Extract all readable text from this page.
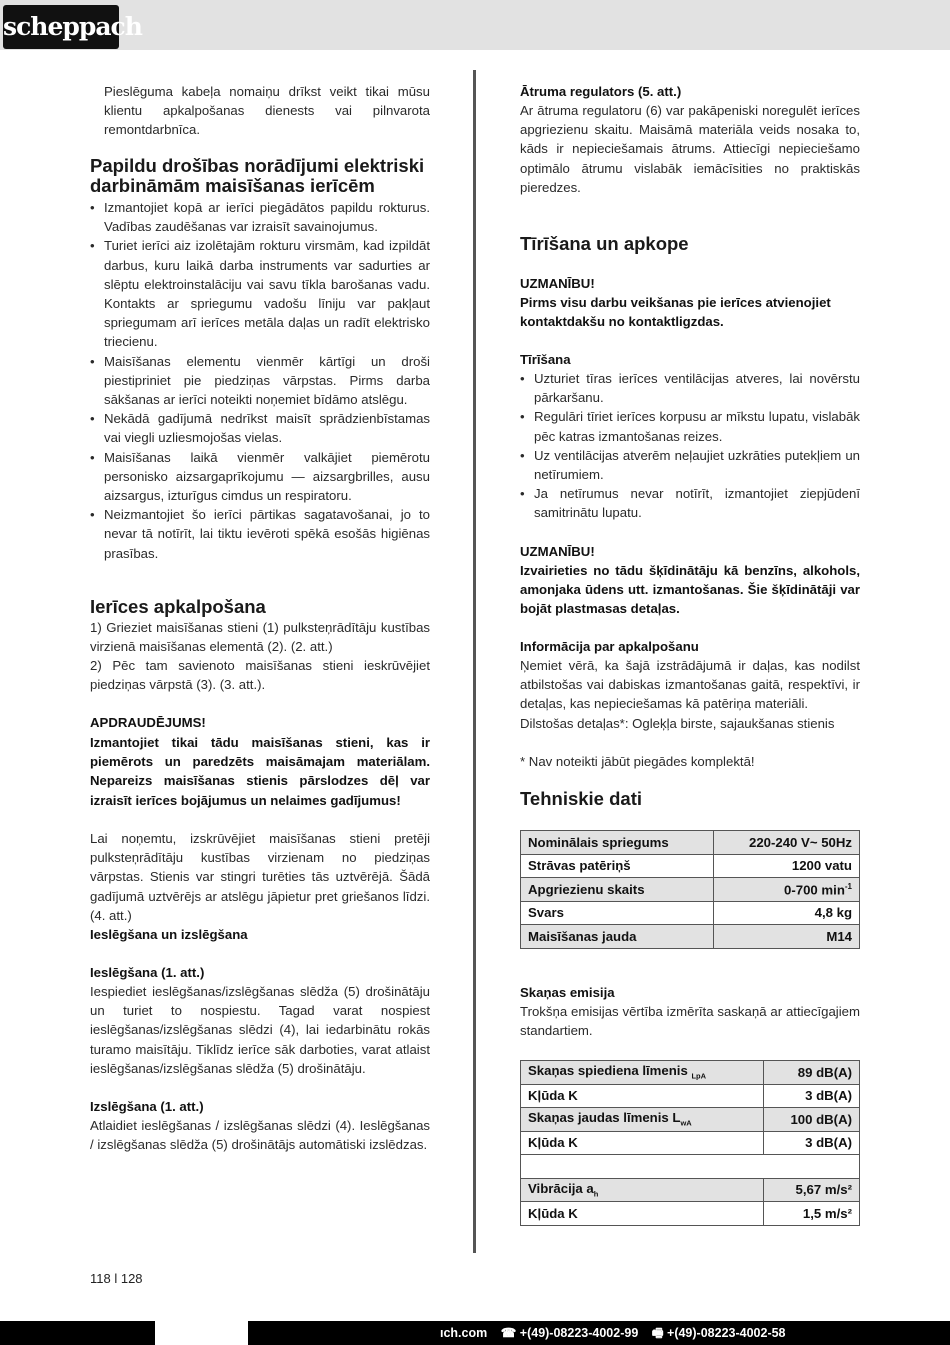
scheppach
Pieslēguma kabeļa nomaiņu drīkst veikt tikai mūsu klientu apkalpošanas dienests vai pilnvarota remontdarbnīca.
Papildu drošības norādījumi elektriski
darbināmām maisīšanas ierīcēm
• Izmantojiet kopā ar ierīci piegādātos papildu rokturus. Vadības zaudēšanas var izraisīt savainojumus.
• Turiet ierīci aiz izolētajām rokturu virsmām, kad izpildāt darbus, kuru laikā darba instruments var sadurties ar slēptu elektroinstalāciju vai savu tīkla barošanas vadu. Kontakts ar spriegumu vadošu līniju var pakļaut spriegumam arī ierīces metāla daļas un radīt elektrisko triecienu.
• Maisīšanas elementu vienmēr kārtīgi un droši piestipriniet pie piedziņas vārpstas. Pirms darba sākšanas ar ierīci noteikti noņemiet bīdāmo atslēgu.
• Nekādā gadījumā nedrīkst maisīt sprādzienbīstamas vai viegli uzliesmojošas vielas.
• Maisīšanas laikā vienmēr valkājiet piemērotu personisko aizsargaprīkojumu — aizsargbrilles, ausu aizsargus, izturīgus cimdus un respiratoru.
• Neizmantojiet šo ierīci pārtikas sagatavošanai, jo to nevar tā notīrīt, lai tiktu ievēroti spēkā esošās higiēnas prasības.
Ierīces apkalpošana
1) Grieziet maisīšanas stieni (1) pulksteņrādītāju kustības virzienā maisīšanas elementā (2). (2. att.)
2) Pēc tam savienoto maisīšanas stieni ieskrūvējiet piedziņas vārpstā (3). (3. att.).
APDRAUDĒJUMS!
Izmantojiet tikai tādu maisīšanas stieni, kas ir piemērots un paredzēts maisāmajam materiālam. Nepareizs maisīšanas stienis pārslodzes dēļ var izraisīt ierīces bojājumus un nelaimes gadījumus!
Lai noņemtu, izskrūvējiet maisīšanas stieni pretēji pulksteņrādītāju kustības virzienam no piedziņas vārpstas. Stienis var stingri turēties tās uztvērējā. Šādā gadījumā uztvērējs ar atslēgu jāpietur pret griešanos līdzi. (4. att.)
Ieslēgšana un izslēgšana
Ieslēgšana (1. att.)
Iespiediet ieslēgšanas/izslēgšanas slēdža (5) drošinātāju un turiet to nospiestu. Tagad varat nospiest ieslēgšanas/izslēgšanas slēdzi (4), lai iedarbinātu rokās turamo maisītāju. Tiklīdz ierīce sāk darboties, varat atlaist ieslēgšanas/izslēgšanas slēdža (5) drošinātāju.
Izslēgšana (1. att.)
Atlaidiet ieslēgšanas / izslēgšanas slēdzi (4). Ieslēgšanas / izslēgšanas slēdža (5) drošinātājs automātiski izslēdzas.
Ātruma regulators (5. att.)
Ar ātruma regulatoru (6) var pakāpeniski noregulēt ierīces apgriezienu skaitu. Maisāmā materiāla veids nosaka to, kāds ir nepieciešamais ātrums. Attiecīgi nepieciešamo optimālo ātrumu vislabāk iemācīsities no praktiskās pieredzes.
Tīrīšana un apkope
UZMANĪBU!
Pirms visu darbu veikšanas pie ierīces atvienojiet kontaktdakšu no kontaktligzdas.
Tīrīšana
• Uzturiet tīras ierīces ventilācijas atveres, lai novērstu pārkaršanu.
• Regulāri tīriet ierīces korpusu ar mīkstu lupatu, vislabāk pēc katras izmantošanas reizes.
• Uz ventilācijas atverēm neļaujiet uzkrāties putekļiem un netīrumiem.
• Ja netīrumus nevar notīrīt, izmantojiet ziepjūdenī samitrinātu lupatu.
UZMANĪBU!
Izvairieties no tādu šķīdinātāju kā benzīns, alkohols, amonjaka ūdens utt. izmantošanas. Šie šķīdinātāji var bojāt plastmasas detaļas.
Informācija par apkalpošanu
Ņemiet vērā, ka šajā izstrādājumā ir daļas, kas nodilst atbilstošas vai dabiskas izmantošanas gaitā, respektīvi, ir detaļas, kas nepieciešamas kā patēriņa materiāli.
Dilstošas detaļas*: Ogleķļa birste, sajaukšanas stienis
* Nav noteikti jābūt piegādes komplektā!
Tehniskie dati
Nominālais spriegums	220-240 V~ 50Hz
Strāvas patēriņš	1200 vatu
Apgriezienu skaits	0-700 $\min^{-1}$
Svars	4,8 kg
Maisīšanas jauda	M14
Skaņas emisija
Trokšņa emisijas vērtība izmērīta saskaņā ar attiecīgajiem standartiem.
Skaņas spiediena līmenis $_{LpA}$	89 dB(A)
Kļūda K	3 dB(A)
Skaņas jaudas līmenis $L_{wA}$	100 dB(A)
Kļūda K	3 dB(A)

Vibrācija $a_h$	5,67 m/s²
Kļūda K	1,5 m/s²
118 l 128
ıch.com ☎ +(49)-08223-4002-99 🖷 +(49)-08223-4002-58
